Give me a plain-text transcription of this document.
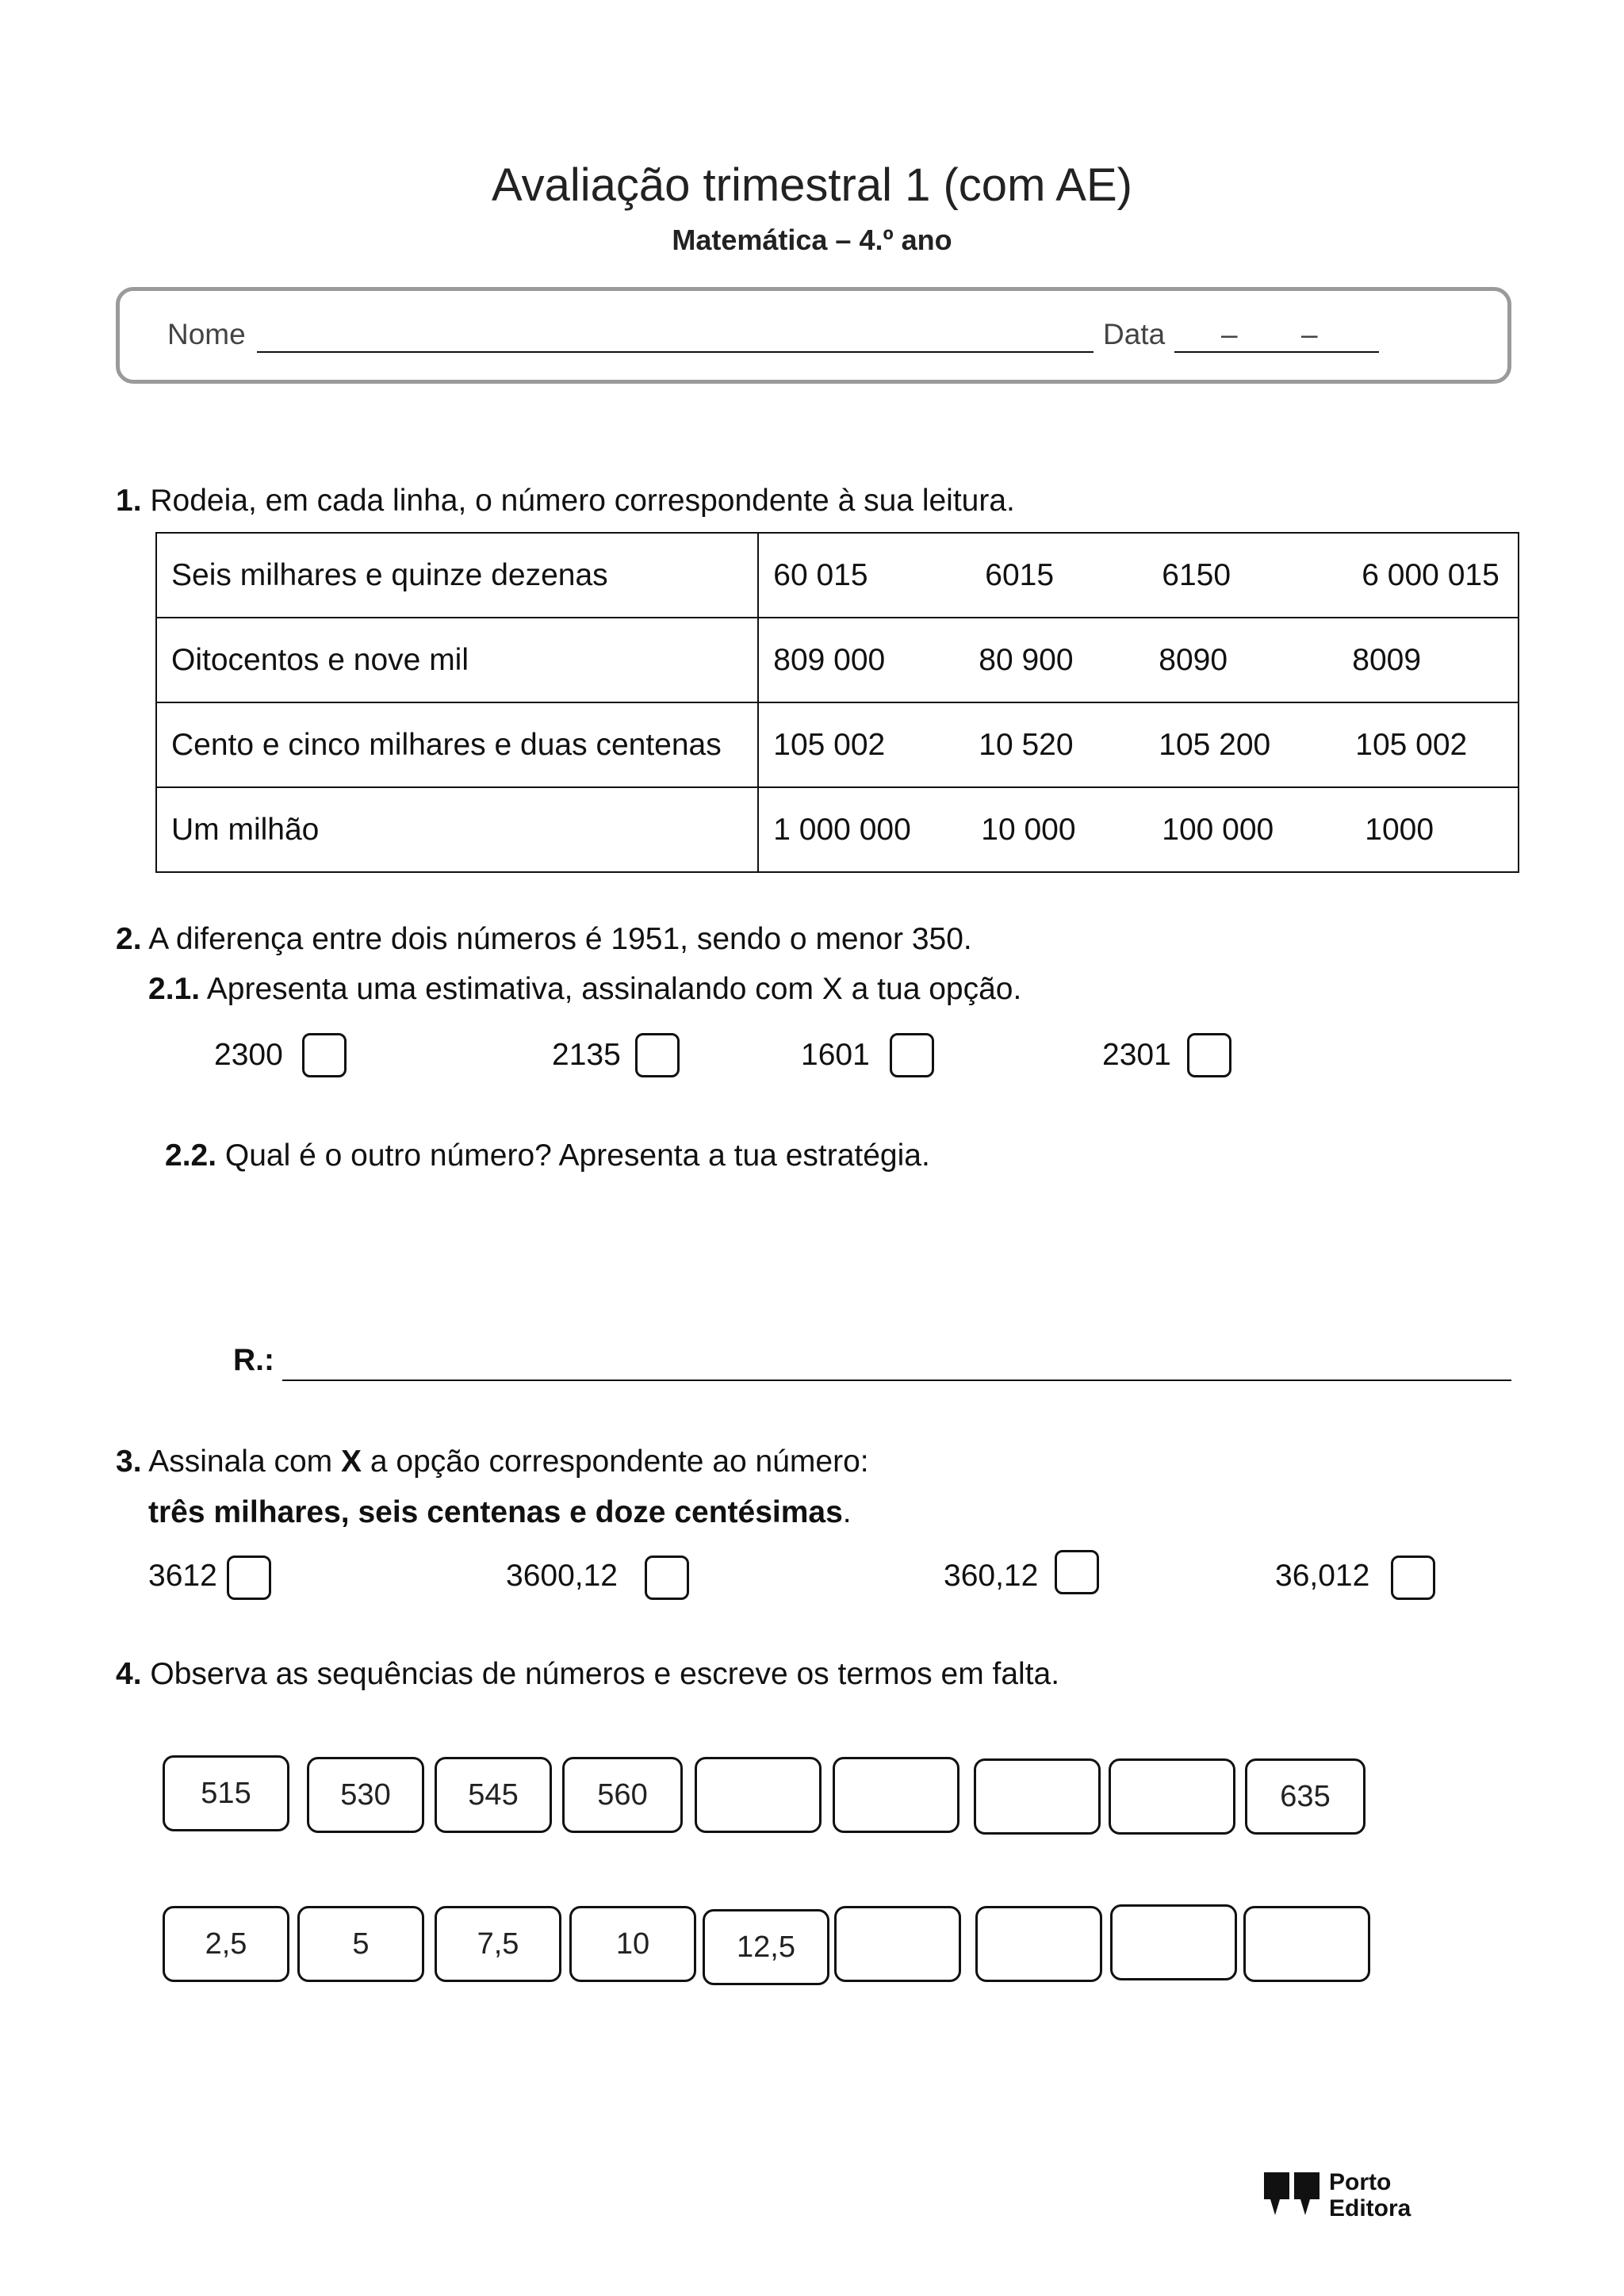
Avaliação trimestral 1 (com AE)
Matemática – 4.º ano
Nome	Data – –
1. Rodeia, em cada linha, o número correspondente à sua leitura.
Seis milhares e quinze dezenas	60 015 6015 6150 6 000 015

Oitocentos e nove mil	809 000 80 900 8090 8009

Cento e cinco milhares e duas centenas	105 002 10 520 105 200 105 002

Um milhão	1 000 000 10 000 100 000 1000
2. A diferença entre dois números é 1951, sendo o menor 350.
2.1. Apresenta uma estimativa, assinalando com X a tua opção.
2300	2135	1601	2301
2.2. Qual é o outro número? Apresenta a tua estratégia.
R.:
3. Assinala com X a opção correspondente ao número:
três milhares, seis centenas e doze centésimas.
3612	3600,12	360,12	36,012
4. Observa as sequências de números e escreve os termos em falta.
515	530	545	560	635
2,5	5	7,5	10	12,5
Porto
Editora
